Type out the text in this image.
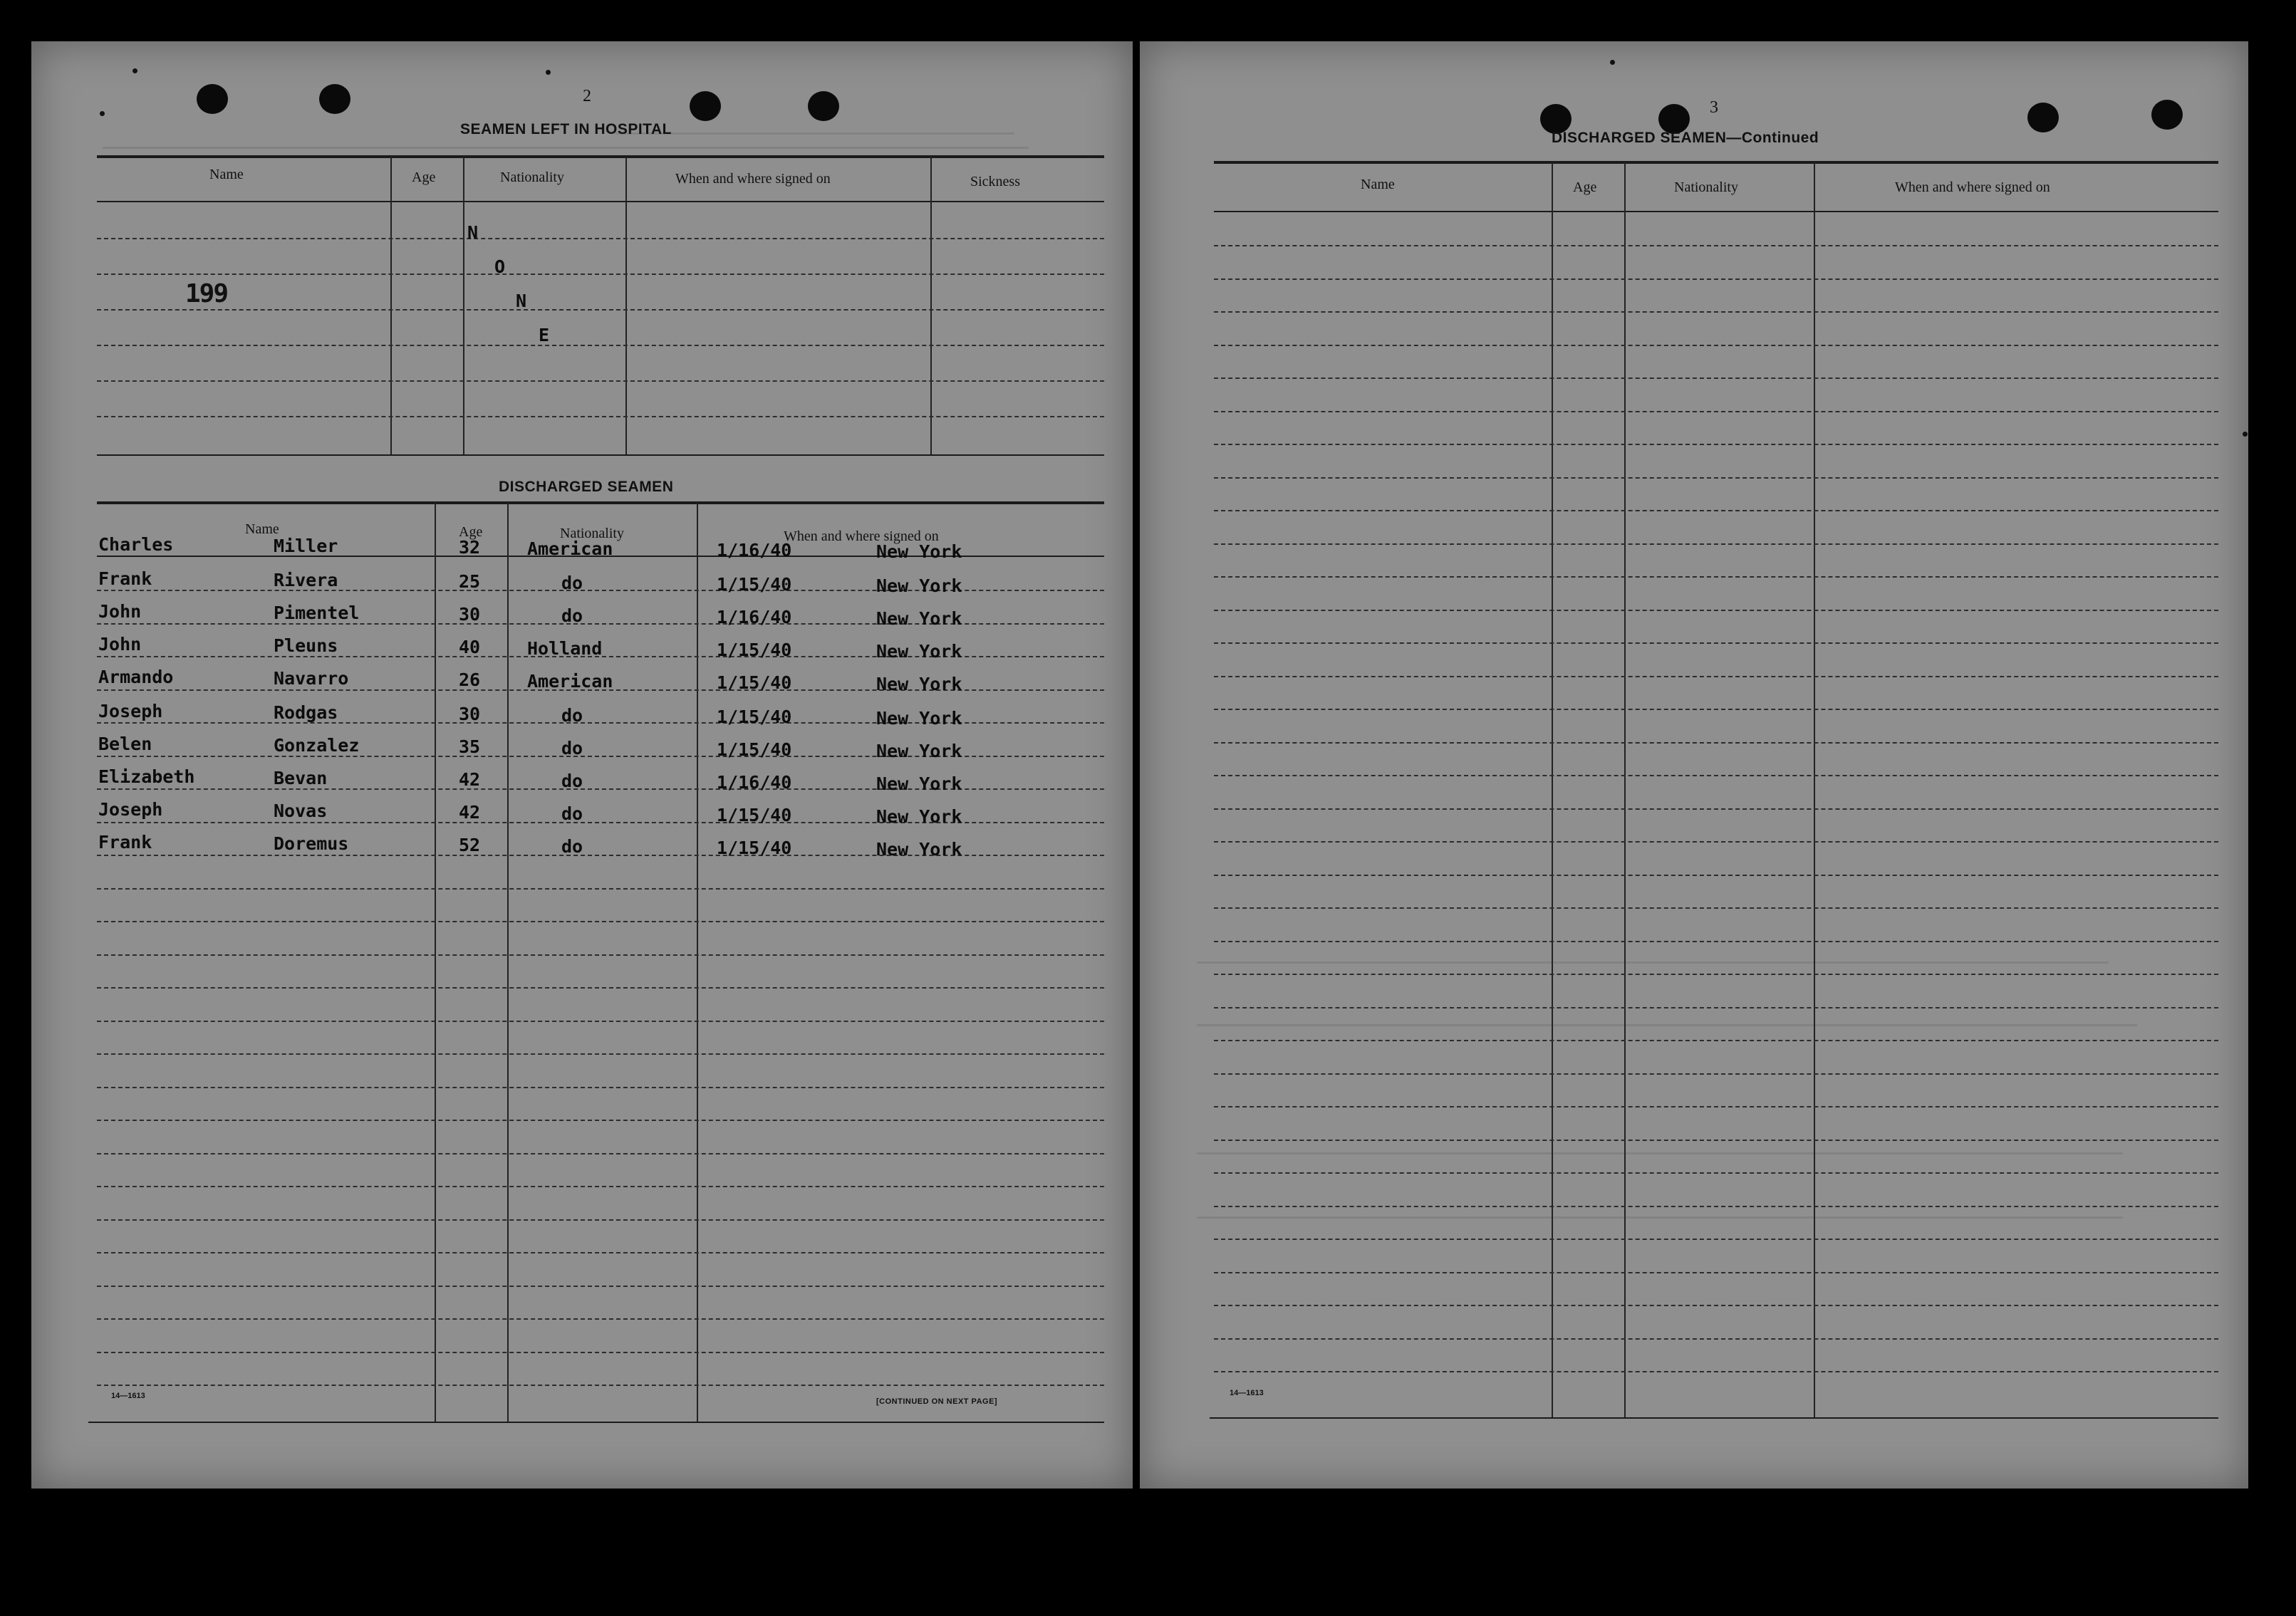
2
SEAMEN LEFT IN HOSPITAL
Name	Age	Nationality	When and where signed on	Sickness
N
O
N
E
199
DISCHARGED SEAMEN
Name	Age	Nationality	When and where signed on
Charles	Miller	32	American	1/16/40	New York
Frank	Rivera	25	do	1/15/40	New York
John	Pimentel	30	do	1/16/40	New York
John	Pleuns	40	Holland	1/15/40	New York
Armando	Navarro	26	American	1/15/40	New York
Joseph	Rodgas	30	do	1/15/40	New York
Belen	Gonzalez	35	do	1/15/40	New York
Elizabeth	Bevan	42	do	1/16/40	New York
Joseph	Novas	42	do	1/15/40	New York
Frank	Doremus	52	do	1/15/40	New York
14—1613
[CONTINUED ON NEXT PAGE]
3
DISCHARGED SEAMEN—Continued
Name	Age	Nationality	When and where signed on
14—1613
